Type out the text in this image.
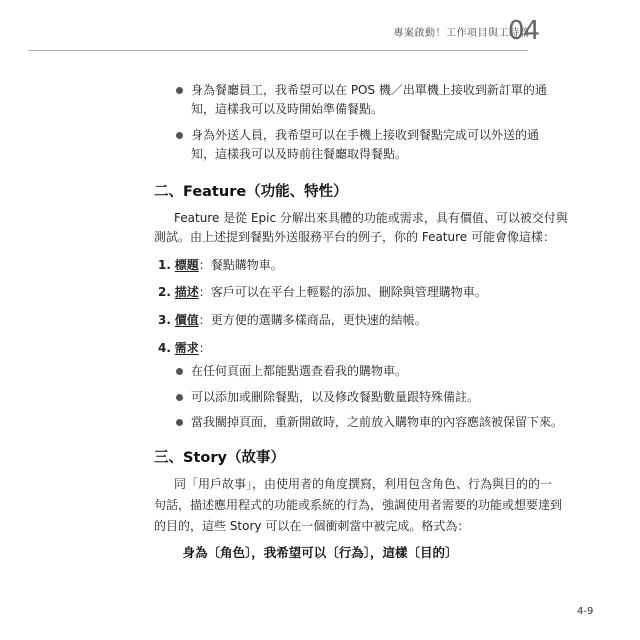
專案啟動！工作項目與工時篇
04
身為餐廳員工，我希望可以在 POS 機／出單機上接收到新訂單的通
知，這樣我可以及時開始準備餐點。
身為外送人員，我希望可以在手機上接收到餐點完成可以外送的通
知，這樣我可以及時前往餐廳取得餐點。
二、Feature（功能、特性）
Feature 是從 Epic 分解出來具體的功能或需求，具有價值、可以被交付與
測試。由上述提到餐點外送服務平台的例子，你的 Feature 可能會像這樣：
1. 標題：餐點購物車。
2. 描述：客戶可以在平台上輕鬆的添加、刪除與管理購物車。
3. 價值：更方便的選購多樣商品，更快速的結帳。
4. 需求：
在任何頁面上都能點選查看我的購物車。
可以添加或刪除餐點，以及修改餐點數量跟特殊備註。
當我關掉頁面，重新開啟時，之前放入購物車的內容應該被保留下來。
三、Story（故事）
同「用戶故事」，由使用者的角度撰寫，利用包含角色、行為與目的的一
句話，描述應用程式的功能或系統的行為，強調使用者需要的功能或想要達到
的目的，這些 Story 可以在一個衝刺當中被完成。格式為：
身為〔角色〕，我希望可以〔行為〕，這樣〔目的〕
4-9
